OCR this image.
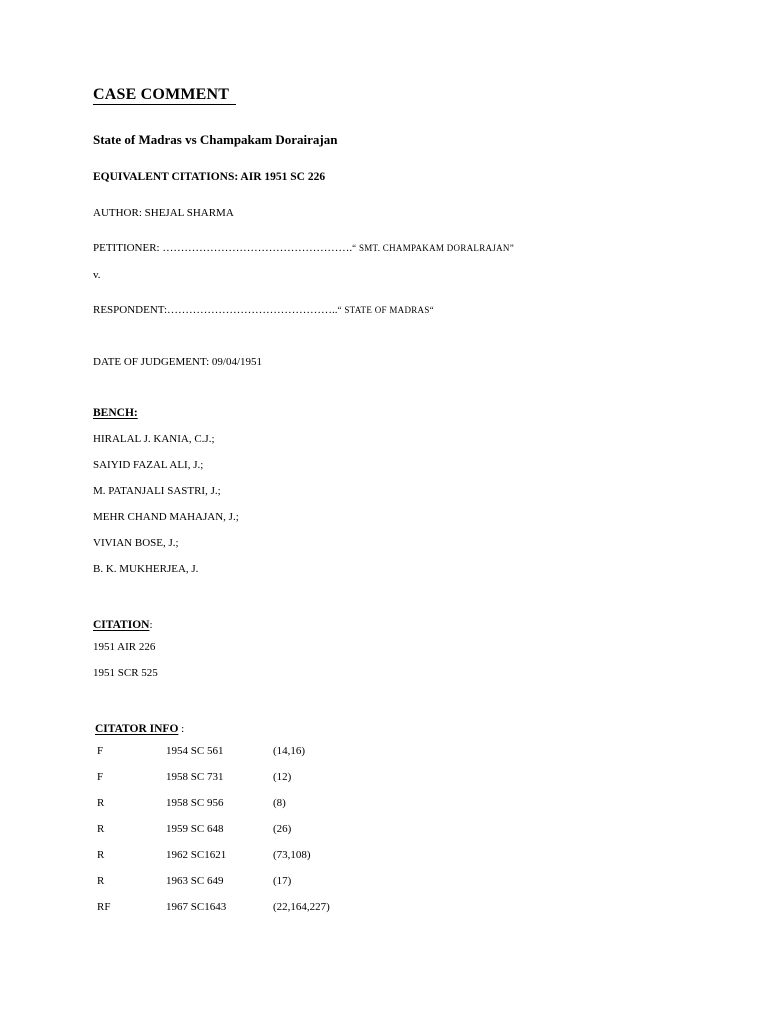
CASE COMMENT
State of Madras vs Champakam Dorairajan
EQUIVALENT CITATIONS: AIR 1951 SC 226
AUTHOR: SHEJAL SHARMA
PETITIONER: …………………………………………….“ SMT. CHAMPAKAM DORALRAJAN”
v.
RESPONDENT:………………………………………..“ STATE OF MADRAS“
DATE OF JUDGEMENT: 09/04/1951
BENCH:
HIRALAL J. KANIA, C.J.;
SAIYID FAZAL ALI, J.;
M. PATANJALI SASTRI, J.;
MEHR CHAND MAHAJAN, J.;
VIVIAN BOSE, J.;
B. K. MUKHERJEA, J.
CITATION:
1951 AIR 226
1951 SCR 525
CITATOR INFO :
F	1954 SC 561	(14,16)
F	1958 SC 731	(12)
R	1958 SC 956	(8)
R	1959 SC 648	(26)
R	1962 SC1621	(73,108)
R	1963 SC 649	(17)
RF	1967 SC1643	(22,164,227)
